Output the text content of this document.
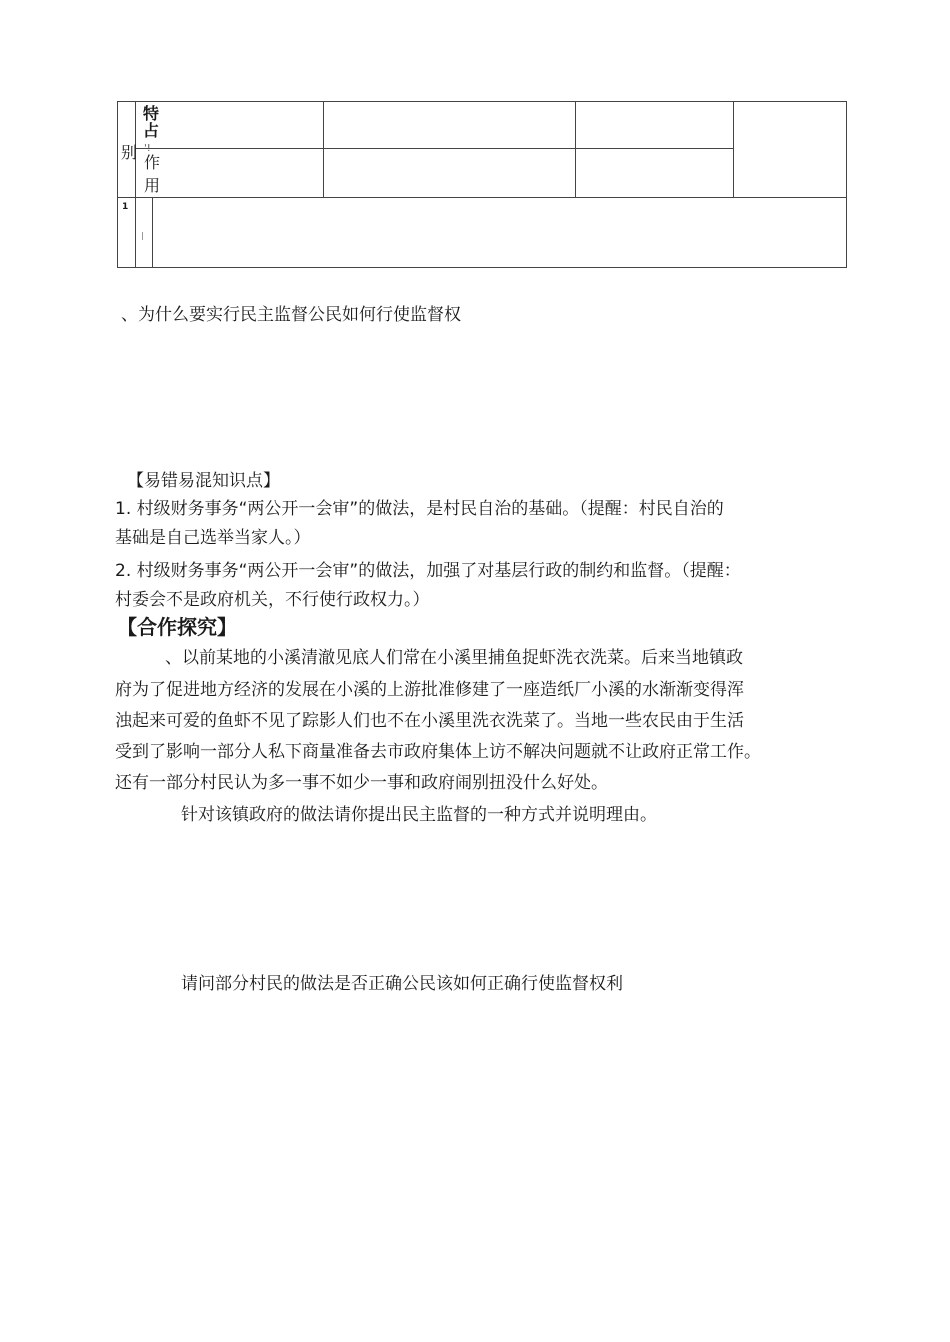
特
占
别 '!
作
用
1
|
、为什么要实行民主监督公民如何行使监督权
【易错易混知识点】
1. 村级财务事务“两公开一会审”的做法，是村民自治的基础。（提醒：村民自治的
基础是自己选举当家人。）
2. 村级财务事务“两公开一会审”的做法，加强了对基层行政的制约和监督。（提醒：
村委会不是政府机关，不行使行政权力。）
【合作探究】
、以前某地的小溪清澈见底人们常在小溪里捕鱼捉虾洗衣洗菜。后来当地镇政
府为了促进地方经济的发展在小溪的上游批准修建了一座造纸厂小溪的水渐渐变得浑
浊起来可爱的鱼虾不见了踪影人们也不在小溪里洗衣洗菜了。当地一些农民由于生活
受到了影响一部分人私下商量准备去市政府集体上访不解决问题就不让政府正常工作。
还有一部分村民认为多一事不如少一事和政府闹别扭没什么好处。
针对该镇政府的做法请你提出民主监督的一种方式并说明理由。
请问部分村民的做法是否正确公民该如何正确行使监督权利
